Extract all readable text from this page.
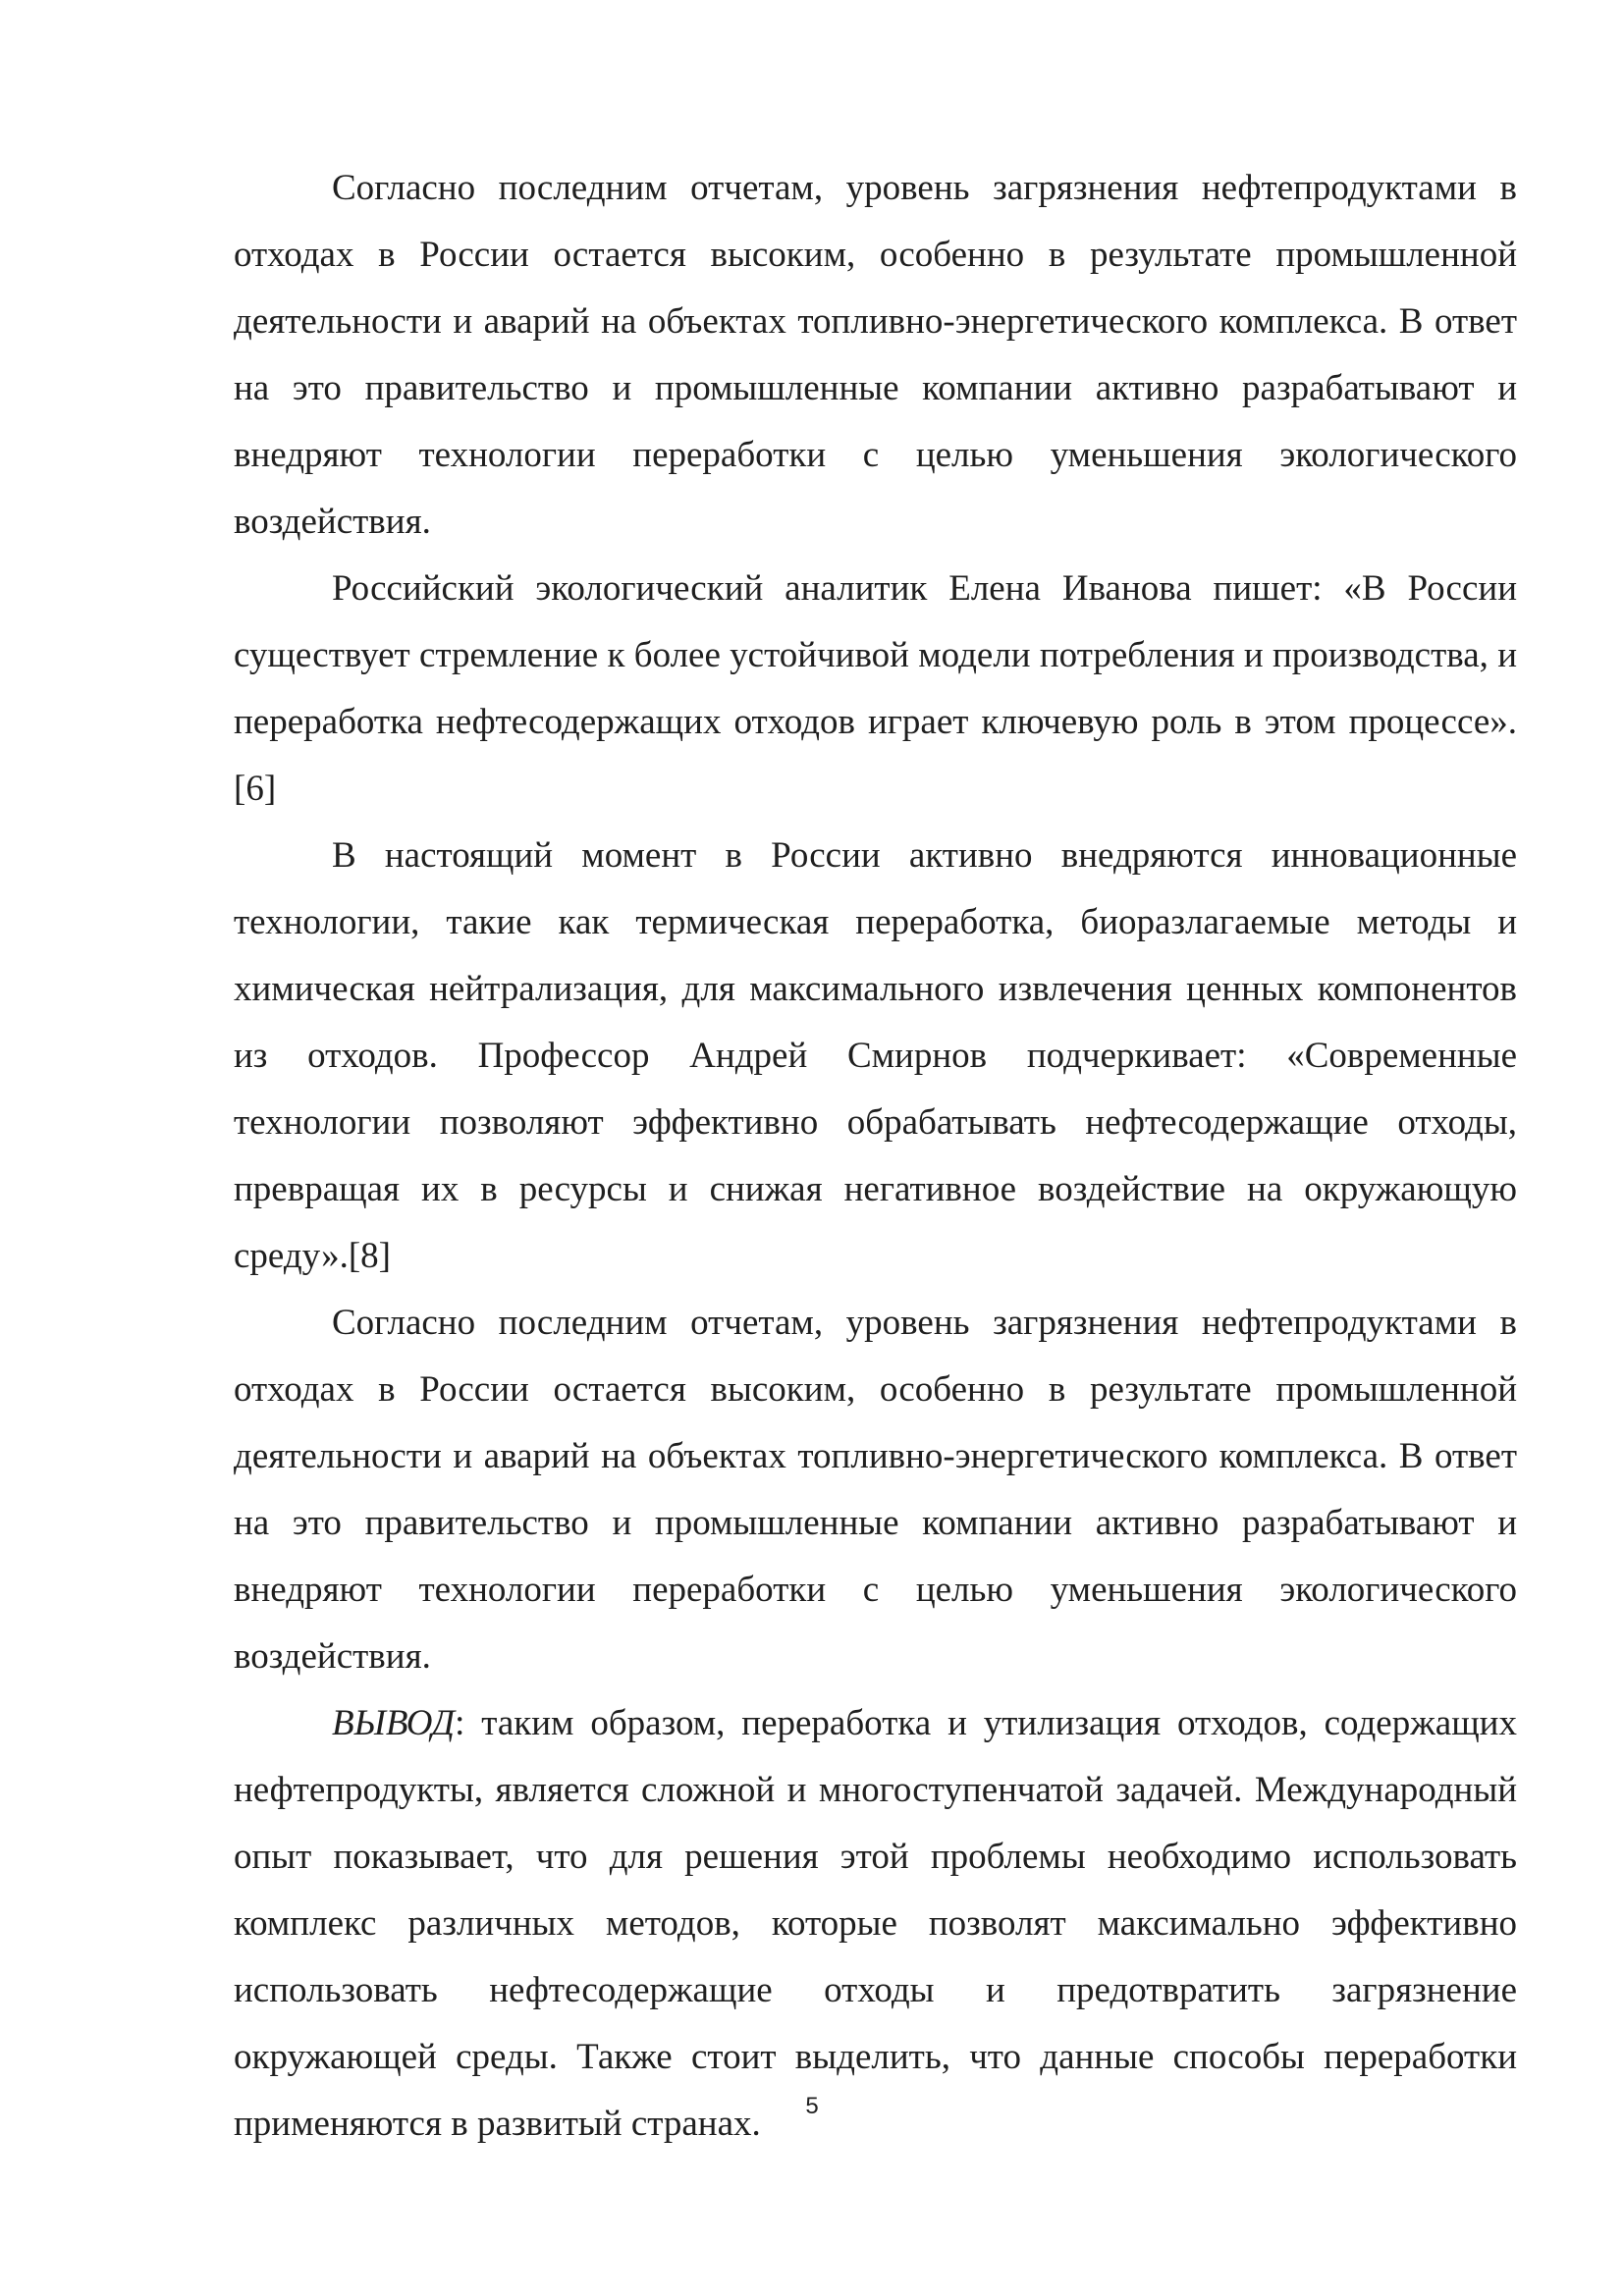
Согласно последним отчетам, уровень загрязнения нефтепродуктами в отходах в России остается высоким, особенно в результате промышленной деятельности и аварий на объектах топливно-энергетического комплекса. В ответ на это правительство и промышленные компании активно разрабатывают и внедряют технологии переработки с целью уменьшения экологического воздействия.

Российский экологический аналитик Елена Иванова пишет: «В России существует стремление к более устойчивой модели потребления и производства, и переработка нефтесодержащих отходов играет ключевую роль в этом процессе».[6]

В настоящий момент в России активно внедряются инновационные технологии, такие как термическая переработка, биоразлагаемые методы и химическая нейтрализация, для максимального извлечения ценных компонентов из отходов. Профессор Андрей Смирнов подчеркивает: «Современные технологии позволяют эффективно обрабатывать нефтесодержащие отходы, превращая их в ресурсы и снижая негативное воздействие на окружающую среду».[8]

Согласно последним отчетам, уровень загрязнения нефтепродуктами в отходах в России остается высоким, особенно в результате промышленной деятельности и аварий на объектах топливно-энергетического комплекса. В ответ на это правительство и промышленные компании активно разрабатывают и внедряют технологии переработки с целью уменьшения экологического воздействия.

ВЫВОД: таким образом, переработка и утилизация отходов, содержащих нефтепродукты, является сложной и многоступенчатой задачей. Международный опыт показывает, что для решения этой проблемы необходимо использовать комплекс различных методов, которые позволят максимально эффективно использовать нефтесодержащие отходы и предотвратить загрязнение окружающей среды. Также стоит выделить, что данные способы переработки применяются в развитый странах.	5
